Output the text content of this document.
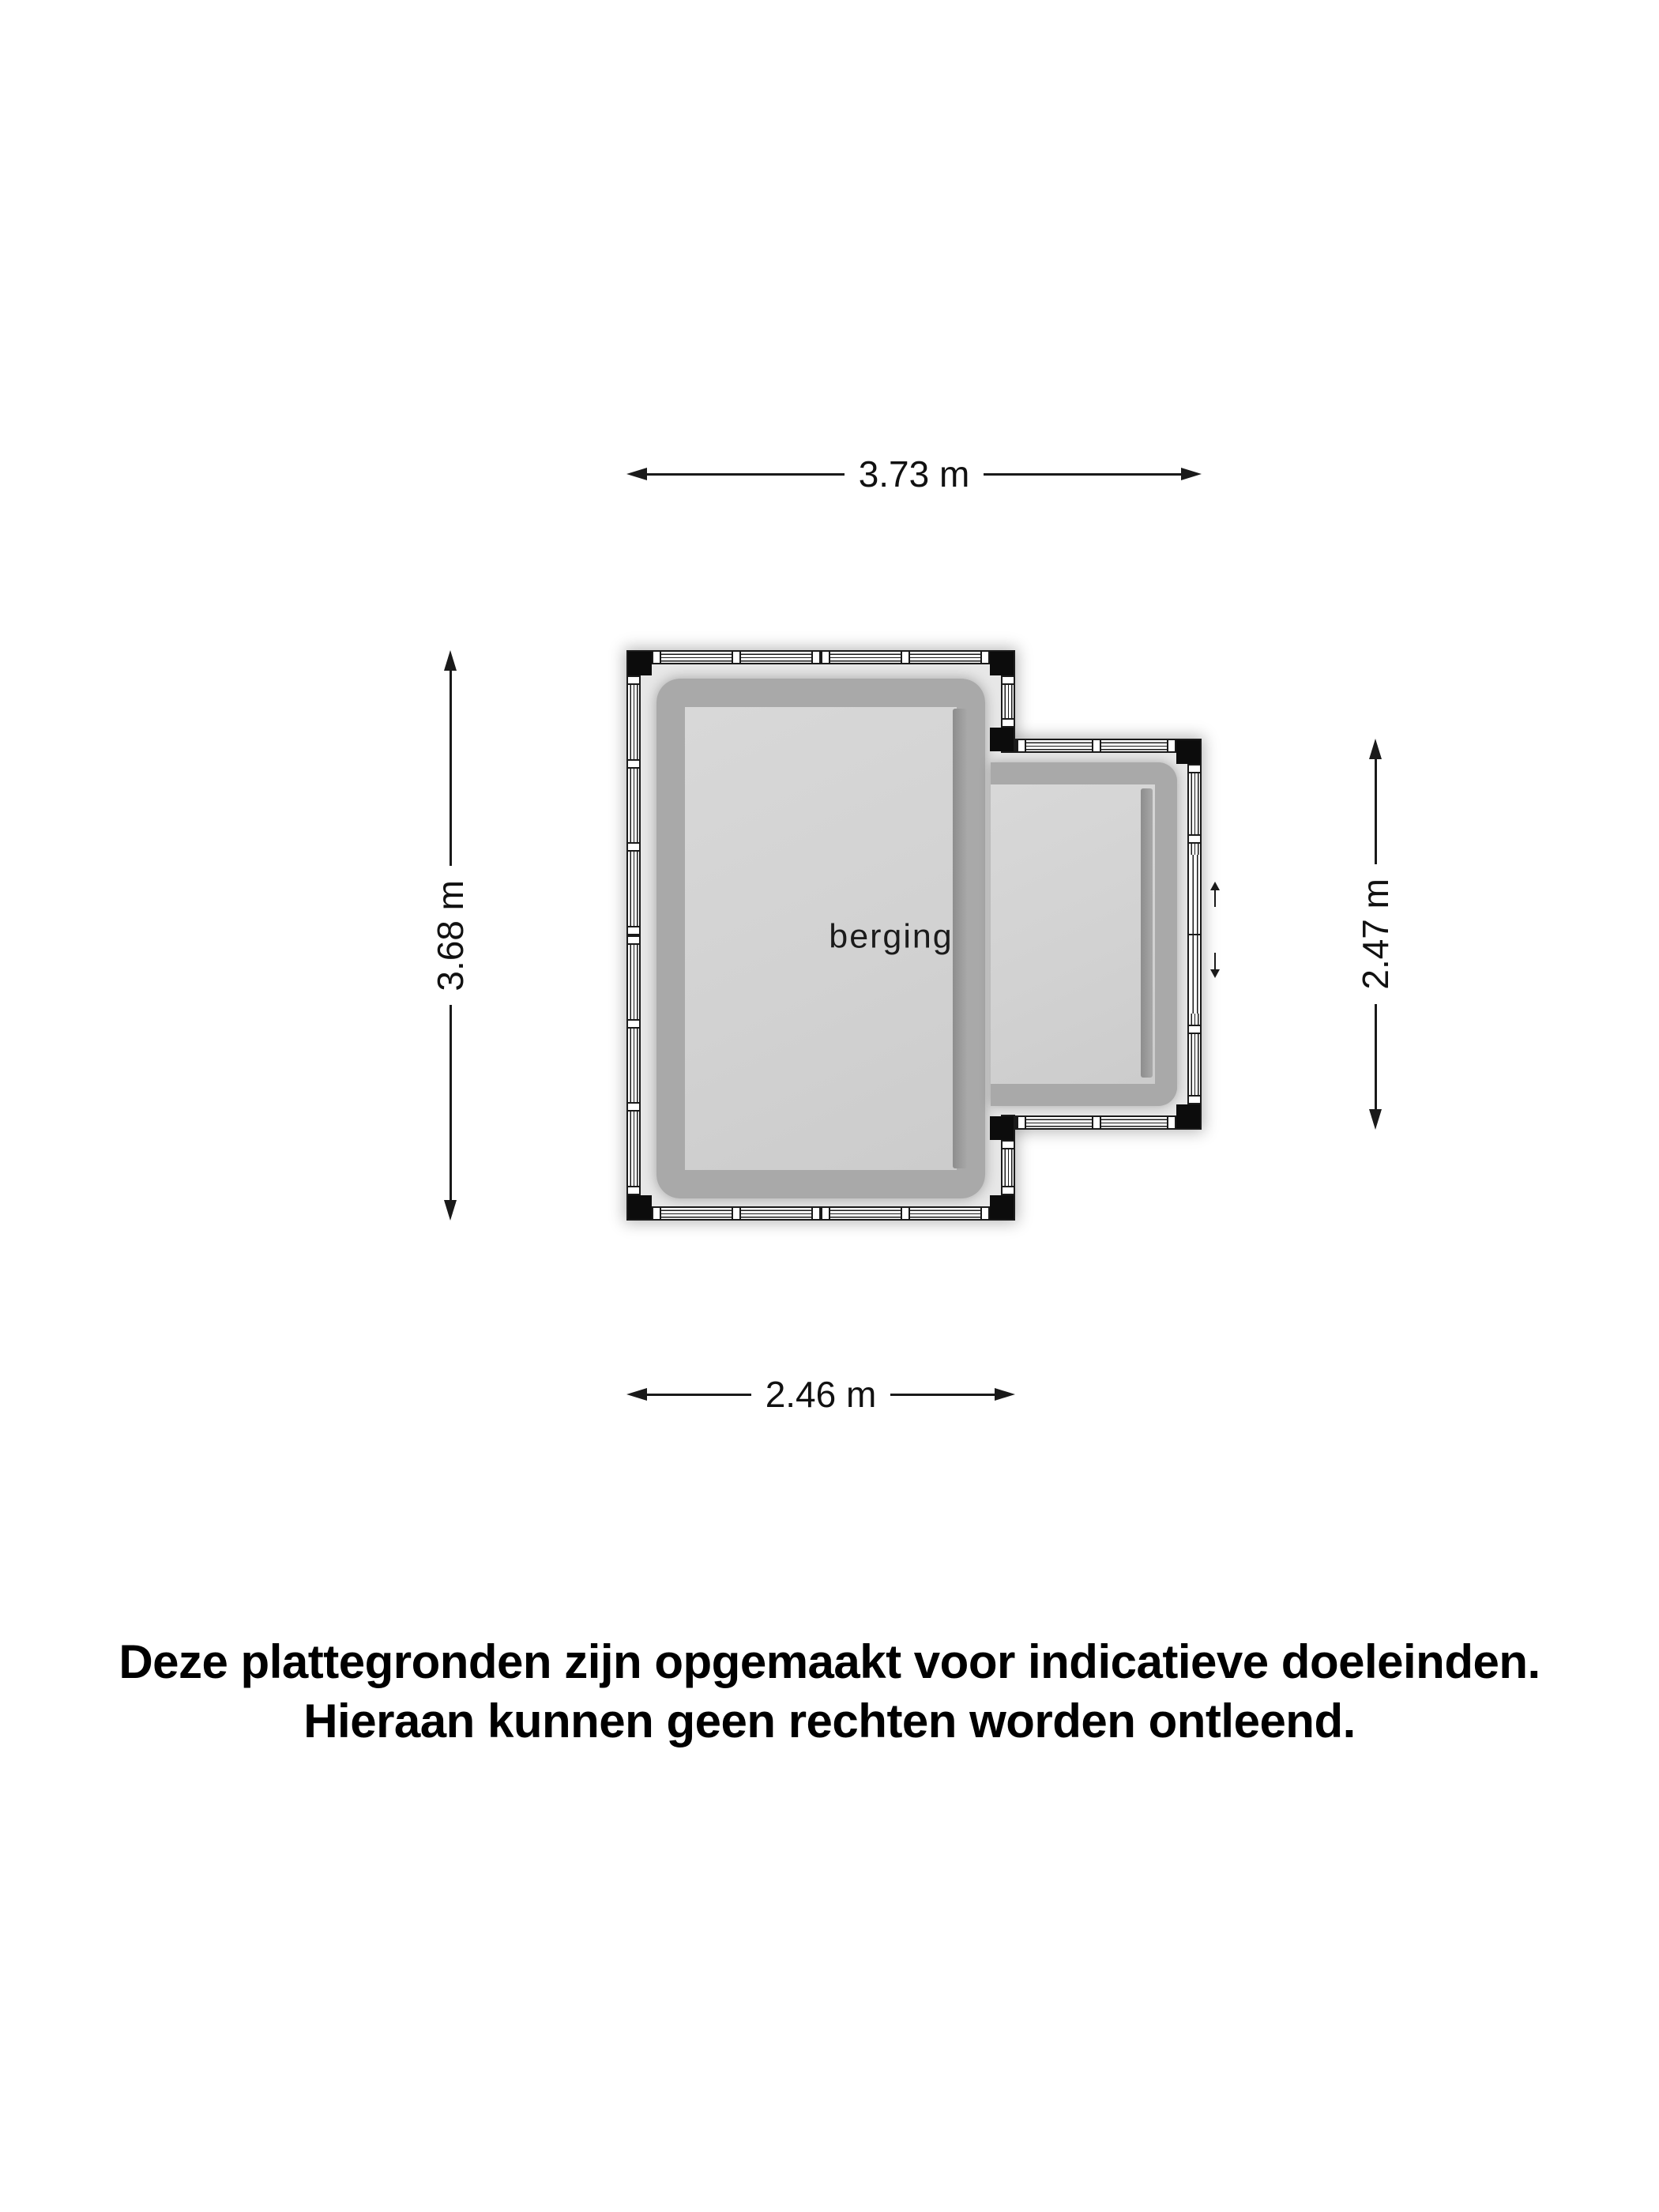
3.73 m
3.68 m	2.47 m
2.46 m
berging
Deze plattegronden zijn opgemaakt voor indicatieve doeleinden.
Hieraan kunnen geen rechten worden ontleend.
